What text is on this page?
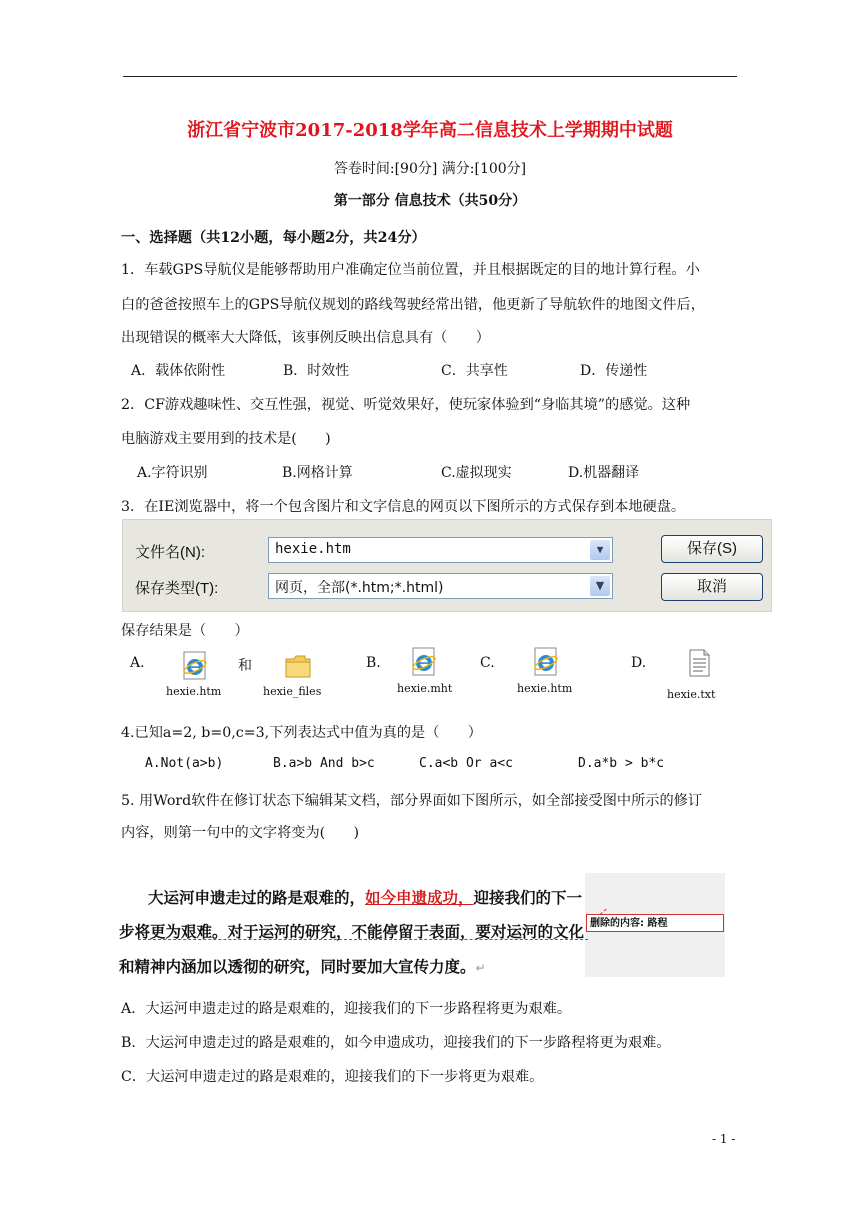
浙江省宁波市2017-2018学年高二信息技术上学期期中试题
答卷时间:[90分] 满分:[100分]
第一部分 信息技术（共50分）
一、选择题（共12小题，每小题2分，共24分）
1．车载GPS导航仪是能够帮助用户准确定位当前位置，并且根据既定的目的地计算行程。小
白的爸爸按照车上的GPS导航仪规划的路线驾驶经常出错，他更新了导航软件的地图文件后，
出现错误的概率大大降低，该事例反映出信息具有（　　）
A．载体依附性	B．时效性	C．共享性	D．传递性
2．CF游戏趣味性、交互性强，视觉、听觉效果好，使玩家体验到“身临其境”的感觉。这种
电脑游戏主要用到的技术是(　　)
A.字符识别	B.网格计算	C.虚拟现实	D.机器翻译
3．在IE浏览器中，将一个包含图片和文字信息的网页以下图所示的方式保存到本地硬盘。
文件名(N):	hexie.htm	▼
保存类型(T):	网页，全部(*.htm;*.html)	▼
保存(S)
取消
保存结果是（　　）
A.
hexie.htm
和
hexie_files
B.
hexie.mht
C.
hexie.htm
D.
hexie.txt
4.已知a=2, b=0,c=3,下列表达式中值为真的是（　　）
A.Not(a>b)	B.a>b And b>c	C.a<b Or a<c	D.a*b > b*c
5. 用Word软件在修订状态下编辑某文档，部分界面如下图所示，如全部接受图中所示的修订
内容，则第一句中的文字将变为(　　)
大运河申遗走过的路是艰难的，如今申遗成功，迎接我们的下一
步将更为艰难。对于运河的研究，不能停留于表面，要对运河的文化
和精神内涵加以透彻的研究，同时要加大宣传力度。↵
删除的内容: 路程
A．大运河申遗走过的路是艰难的，迎接我们的下一步路程将更为艰难。
B．大运河申遗走过的路是艰难的，如今申遗成功，迎接我们的下一步路程将更为艰难。
C．大运河申遗走过的路是艰难的，迎接我们的下一步将更为艰难。
- 1 -
